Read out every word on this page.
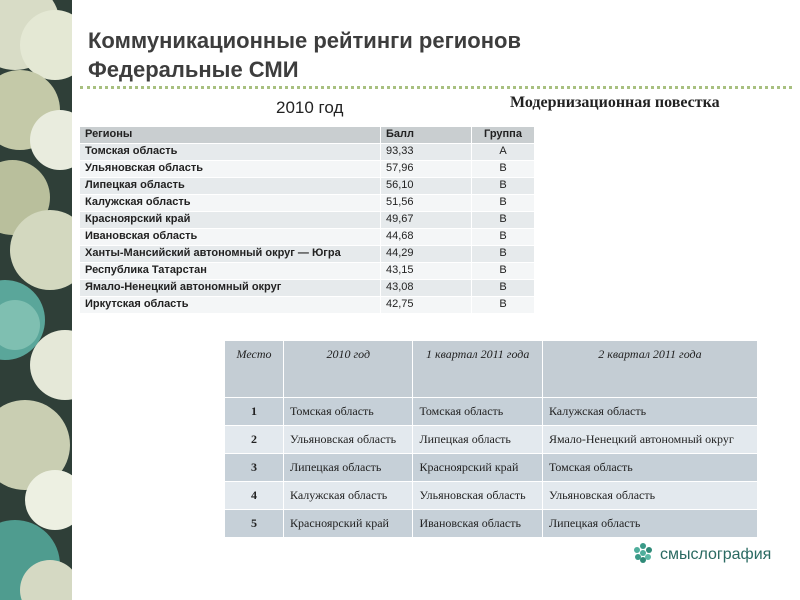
Коммуникационные рейтинги регионов
Федеральные СМИ
2010 год	Модернизационная повестка
Регионы	Балл	Группа
Томская область	93,33	A
Ульяновская область	57,96	B
Липецкая область	56,10	B
Калужская область	51,56	B
Красноярский край	49,67	B
Ивановская область	44,68	B
Ханты-Мансийский автономный округ — Югра	44,29	B
Республика Татарстан	43,15	B
Ямало-Ненецкий автономный округ	43,08	B
Иркутская область	42,75	B
Место	2010 год	1 квартал 2011 года	2 квартал 2011 года
1	Томская область	Томская область	Калужская область
2	Ульяновская область	Липецкая область	Ямало-Ненецкий автономный округ
3	Липецкая область	Красноярский край	Томская область
4	Калужская область	Ульяновская область	Ульяновская область
5	Красноярский край	Ивановская область	Липецкая область
смыслография
